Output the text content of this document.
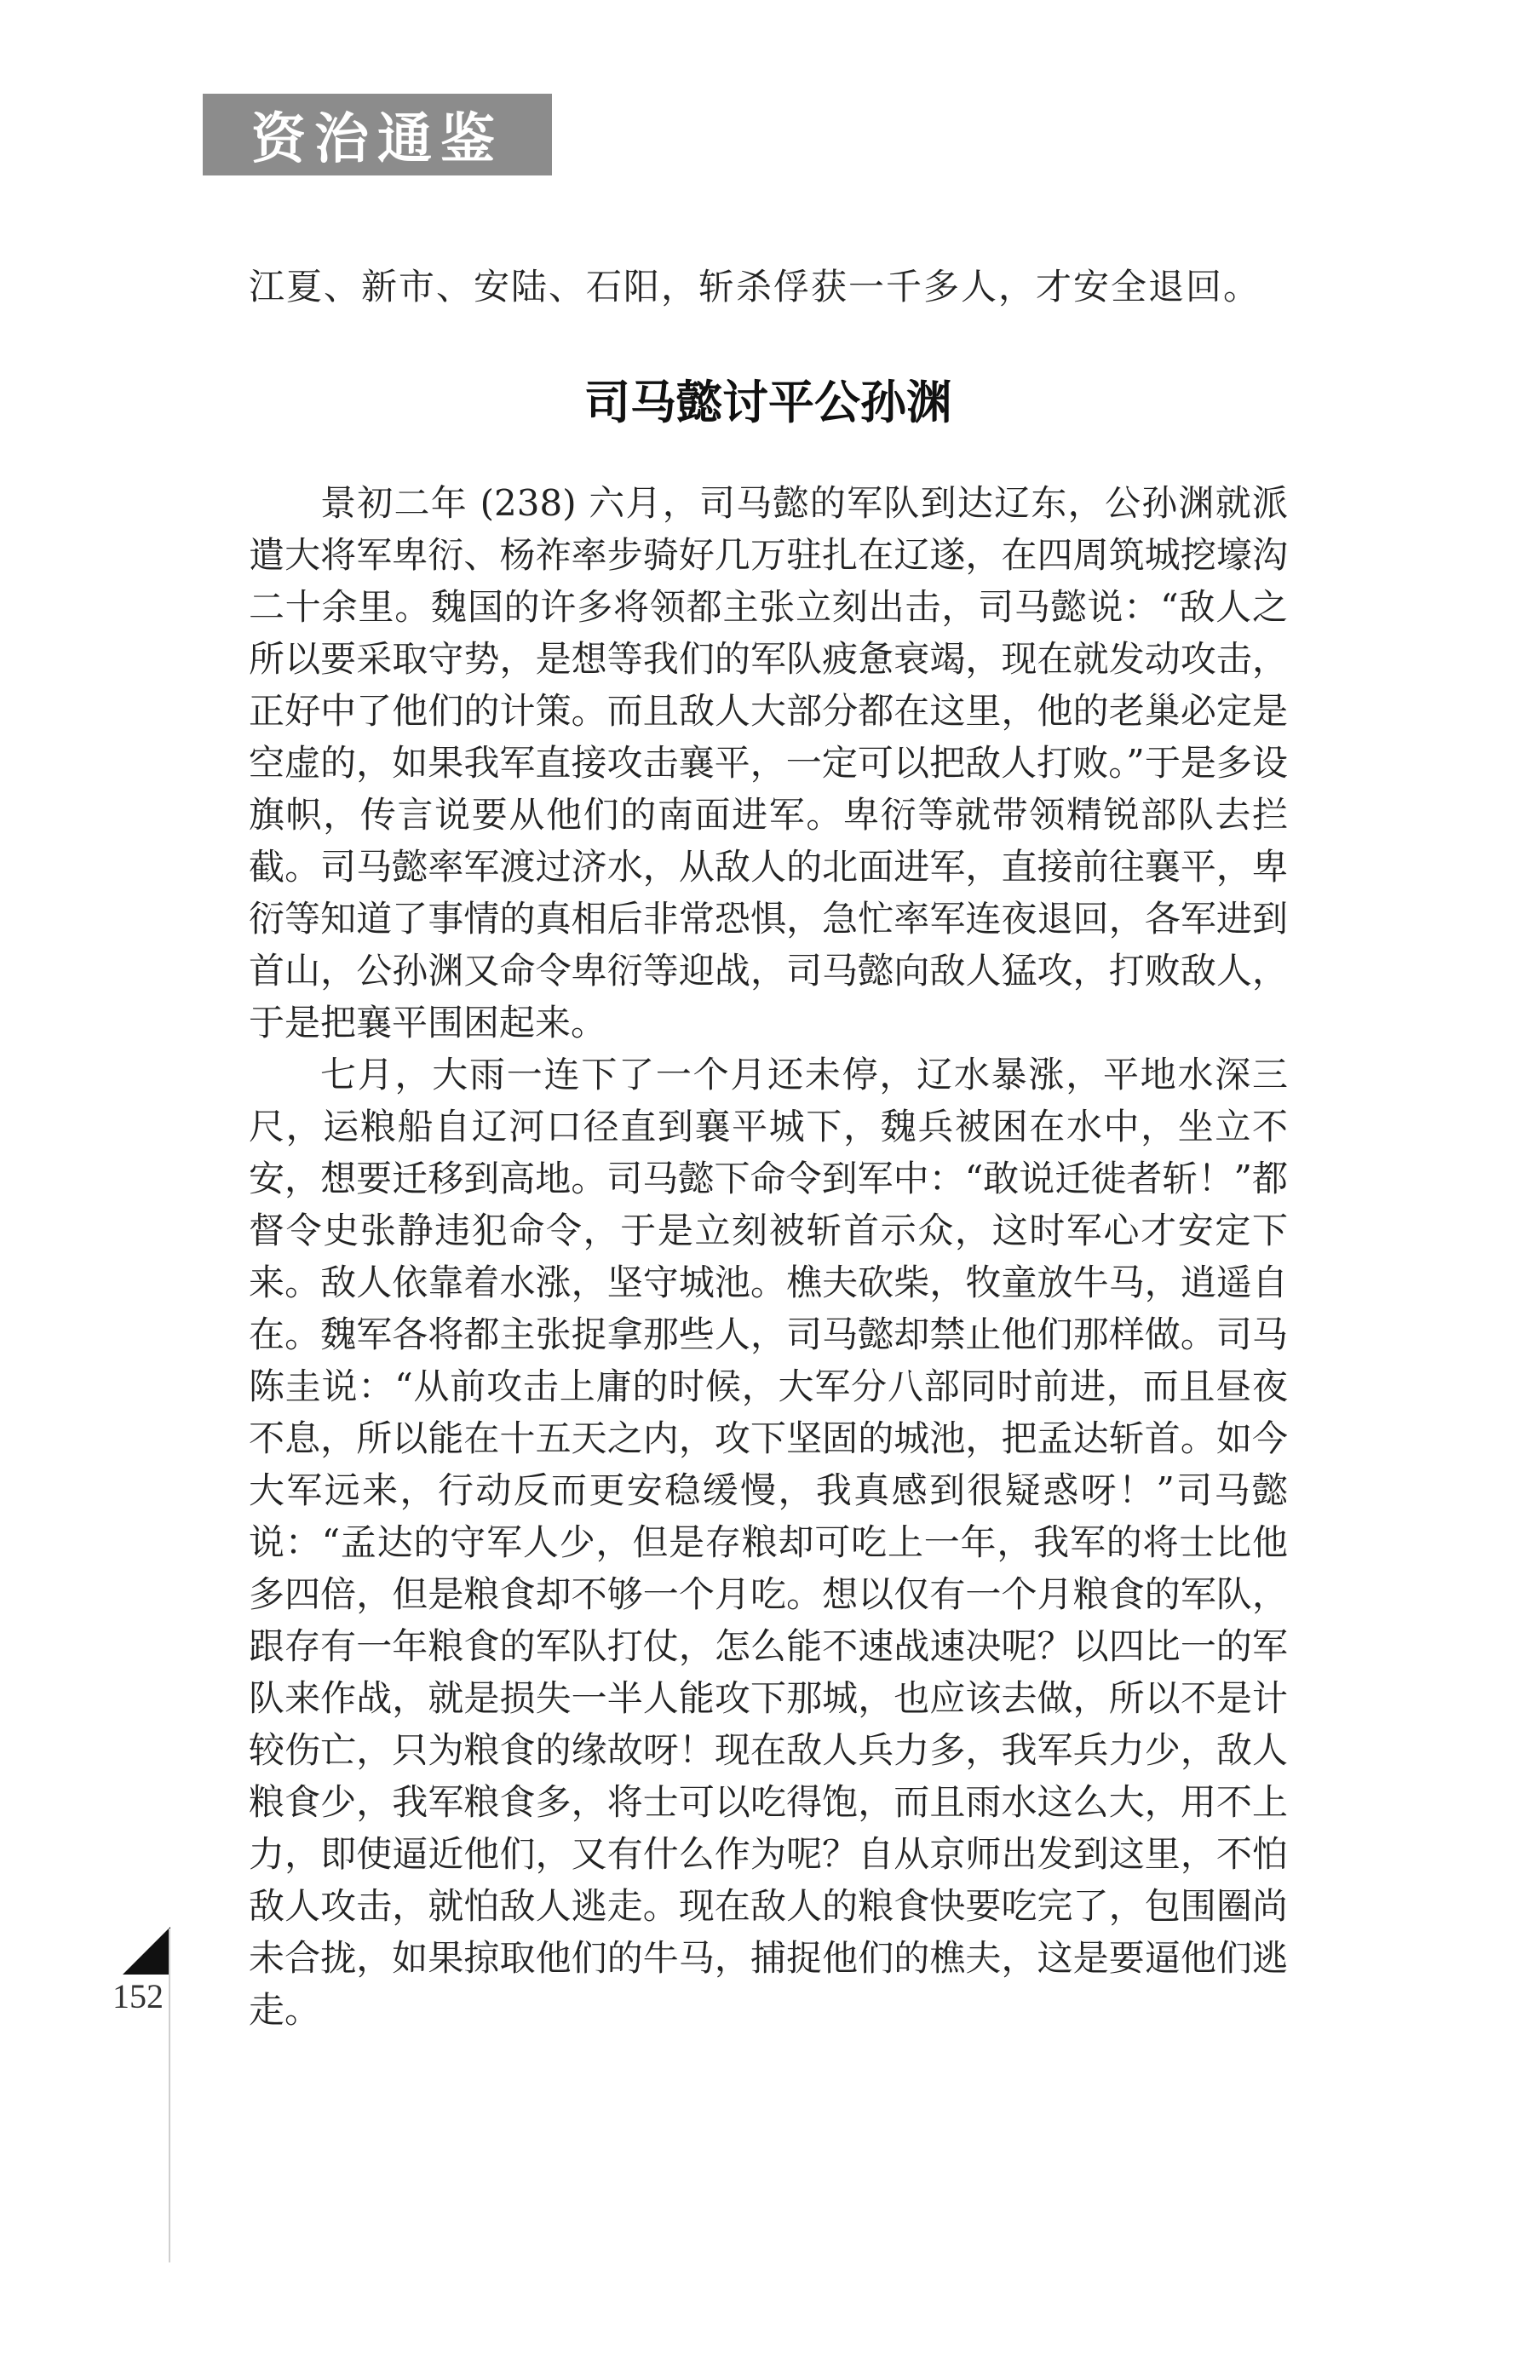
资治通鉴
江夏、新市、安陆、石阳，斩杀俘获一千多人，才安全退回。
司马懿讨平公孙渊

景初二年 (238) 六月，司马懿的军队到达辽东，公孙渊就派遣大将军卑衍、杨祚率步骑好几万驻扎在辽遂，在四周筑城挖壕沟二十余里。魏国的许多将领都主张立刻出击，司马懿说：“敌人之所以要采取守势，是想等我们的军队疲惫衰竭，现在就发动攻击，正好中了他们的计策。而且敌人大部分都在这里，他的老巢必定是空虚的，如果我军直接攻击襄平，一定可以把敌人打败。”于是多设旗帜，传言说要从他们的南面进军。卑衍等就带领精锐部队去拦截。司马懿率军渡过济水，从敌人的北面进军，直接前往襄平，卑衍等知道了事情的真相后非常恐惧，急忙率军连夜退回，各军进到首山，公孙渊又命令卑衍等迎战，司马懿向敌人猛攻，打败敌人，于是把襄平围困起来。

七月，大雨一连下了一个月还未停，辽水暴涨，平地水深三尺，运粮船自辽河口径直到襄平城下，魏兵被困在水中，坐立不安，想要迁移到高地。司马懿下命令到军中：“敢说迁徙者斩！”都督令史张静违犯命令，于是立刻被斩首示众，这时军心才安定下来。敌人依靠着水涨，坚守城池。樵夫砍柴，牧童放牛马，逍遥自在。魏军各将都主张捉拿那些人，司马懿却禁止他们那样做。司马陈圭说：“从前攻击上庸的时候，大军分八部同时前进，而且昼夜不息，所以能在十五天之内，攻下坚固的城池，把孟达斩首。如今大军远来，行动反而更安稳缓慢，我真感到很疑惑呀！”司马懿说：“孟达的守军人少，但是存粮却可吃上一年，我军的将士比他多四倍，但是粮食却不够一个月吃。想以仅有一个月粮食的军队，跟存有一年粮食的军队打仗，怎么能不速战速决呢？以四比一的军队来作战，就是损失一半人能攻下那城，也应该去做，所以不是计较伤亡，只为粮食的缘故呀！现在敌人兵力多，我军兵力少，敌人粮食少，我军粮食多，将士可以吃得饱，而且雨水这么大，用不上力，即使逼近他们，又有什么作为呢？自从京师出发到这里，不怕敌人攻击，就怕敌人逃走。现在敌人的粮食快要吃完了，包围圈尚未合拢，如果掠取他们的牛马，捕捉他们的樵夫，这是要逼他们逃走。

152
